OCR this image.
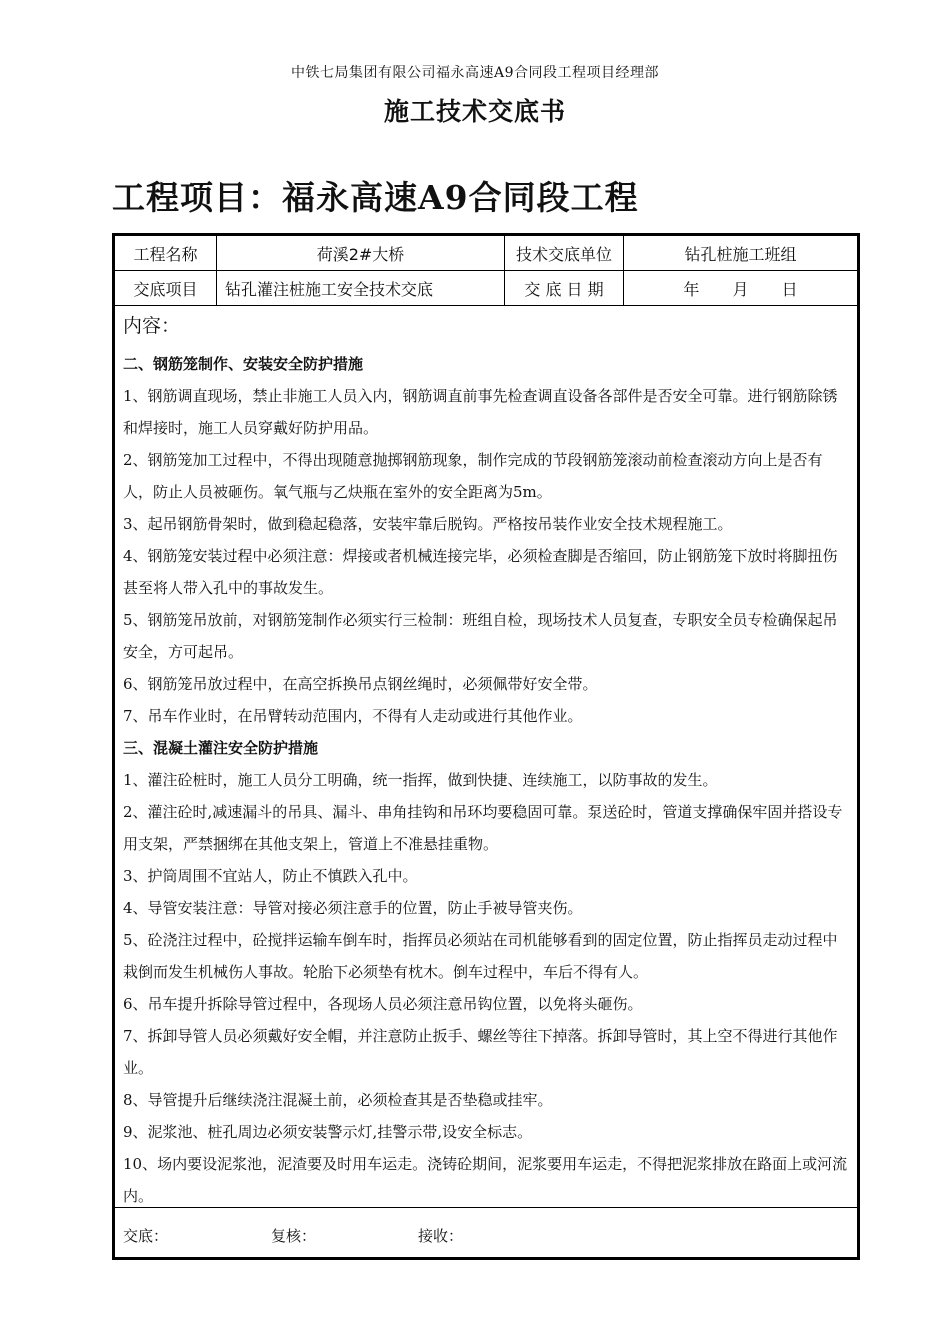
中铁七局集团有限公司福永高速A9合同段工程项目经理部
施工技术交底书
工程项目：福永高速A9合同段工程
工程名称	荷溪2#大桥	技术交底单位	钻孔桩施工班组
交底项目	钻孔灌注桩施工安全技术交底	交 底 日 期	年 月 日
内容：
二、钢筋笼制作、安装安全防护措施
1、钢筋调直现场，禁止非施工人员入内，钢筋调直前事先检查调直设备各部件是否安全可靠。进行钢筋除锈和焊接时，施工人员穿戴好防护用品。
2、钢筋笼加工过程中，不得出现随意抛掷钢筋现象，制作完成的节段钢筋笼滚动前检查滚动方向上是否有人，防止人员被砸伤。氧气瓶与乙炔瓶在室外的安全距离为5m。
3、起吊钢筋骨架时，做到稳起稳落，安装牢靠后脱钩。严格按吊装作业安全技术规程施工。
4、钢筋笼安装过程中必须注意：焊接或者机械连接完毕，必须检查脚是否缩回，防止钢筋笼下放时将脚扭伤甚至将人带入孔中的事故发生。
5、钢筋笼吊放前，对钢筋笼制作必须实行三检制：班组自检，现场技术人员复查，专职安全员专检确保起吊安全，方可起吊。
6、钢筋笼吊放过程中，在高空拆换吊点钢丝绳时，必须佩带好安全带。
7、吊车作业时，在吊臂转动范围内，不得有人走动或进行其他作业。
三、混凝土灌注安全防护措施
1、灌注砼桩时，施工人员分工明确，统一指挥，做到快捷、连续施工，以防事故的发生。
2、灌注砼时,减速漏斗的吊具、漏斗、串角挂钩和吊环均要稳固可靠。泵送砼时，管道支撑确保牢固并搭设专用支架，严禁捆绑在其他支架上，管道上不准悬挂重物。
3、护筒周围不宜站人，防止不慎跌入孔中。
4、导管安装注意：导管对接必须注意手的位置，防止手被导管夹伤。
5、砼浇注过程中，砼搅拌运输车倒车时，指挥员必须站在司机能够看到的固定位置，防止指挥员走动过程中栽倒而发生机械伤人事故。轮胎下必须垫有枕木。倒车过程中，车后不得有人。
6、吊车提升拆除导管过程中，各现场人员必须注意吊钩位置，以免将头砸伤。
7、拆卸导管人员必须戴好安全帽，并注意防止扳手、螺丝等往下掉落。拆卸导管时，其上空不得进行其他作业。
8、导管提升后继续浇注混凝土前，必须检查其是否垫稳或挂牢。
9、泥浆池、桩孔周边必须安装警示灯,挂警示带,设安全标志。
10、场内要设泥浆池，泥渣要及时用车运走。浇铸砼期间，泥浆要用车运走，不得把泥浆排放在路面上或河流内。
交底：	复核：	接收：
